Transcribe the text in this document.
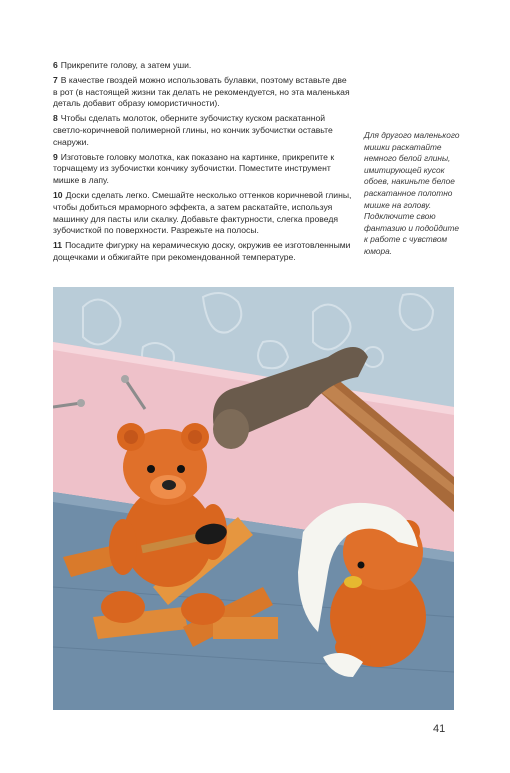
6 Прикрепите голову, а затем уши.

7 В качестве гвоздей можно использовать булавки, поэтому вставьте две в рот (в настоящей жизни так делать не рекомендуется, но эта маленькая деталь добавит образу юмористичности).

8 Чтобы сделать молоток, оберните зубочистку куском раскатанной светло-коричневой полимерной глины, но кончик зубочистки оставьте снаружи.

9 Изготовьте головку молотка, как показано на картинке, прикрепите к торчащему из зубочистки кончику зубочистки. Поместите инструмент мишке в лапу.

10 Доски сделать легко. Смешайте несколько оттенков коричневой глины, чтобы добиться мраморного эффекта, а затем раскатайте, используя машинку для пасты или скалку. Добавьте фактурности, слегка проведя зубочисткой по поверхности. Разрежьте на полосы.

11 Посадите фигурку на керамическую доску, окружив ее изготовленными дощечками и обжигайте при рекомендованной температуре.

Для другого маленького мишки раскатайте немного белой глины, имитирующей кусок обоев, накиньте белое раскатанное полотно мишке на голову. Подключите свою фантазию и подойдите к работе с чувством юмора.
41
